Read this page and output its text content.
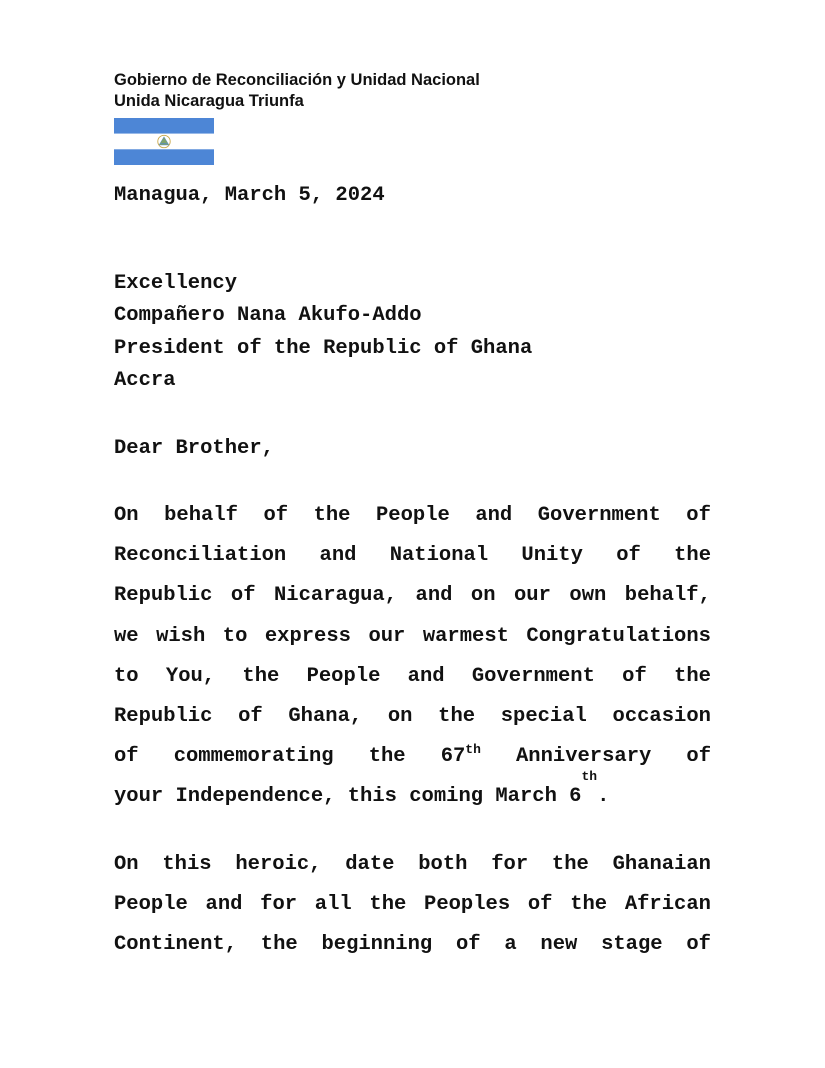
Gobierno de Reconciliación y Unidad Nacional
Unida Nicaragua Triunfa
Managua, March 5, 2024
Excellency
Compañero Nana Akufo-Addo
President of the Republic of Ghana
Accra
Dear Brother,
On behalf of the People and Government of
Reconciliation and National Unity of the
Republic of Nicaragua, and on our own behalf,
we wish to express our warmest Congratulations
to You, the People and Government of the
Republic of Ghana, on the special occasion
of commemorating the 67th Anniversary of
your Independence, this coming March 6
th
.
On this heroic, date both for the Ghanaian
People and for all the Peoples of the African
Continent, the beginning of a new stage of
